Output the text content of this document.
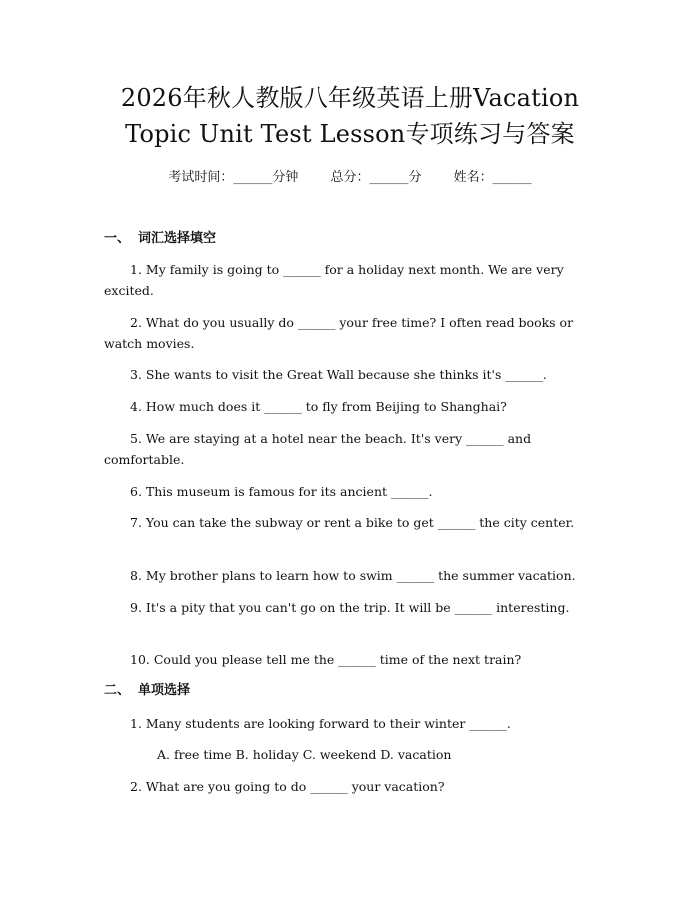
2026年秋人教版八年级英语上册Vacation
Topic Unit Test Lesson专项练习与答案
考试时间：______分钟 总分：______分 姓名：______
一、 词汇选择填空

1. My family is going to ______ for a holiday next month. We are very excited.

2. What do you usually do ______ your free time? I often read books or watch movies.

3. She wants to visit the Great Wall because she thinks it's ______.

4. How much does it ______ to fly from Beijing to Shanghai?

5. We are staying at a hotel near the beach. It's very ______ and comfortable.

6. This museum is famous for its ancient ______.

7. You can take the subway or rent a bike to get ______ the city center.

8. My brother plans to learn how to swim ______ the summer vacation.

9. It's a pity that you can't go on the trip. It will be ______ interesting.

10. Could you please tell me the ______ time of the next train?

二、 单项选择

1. Many students are looking forward to their winter ______.

A. free time B. holiday C. weekend D. vacation

2. What are you going to do ______ your vacation?
